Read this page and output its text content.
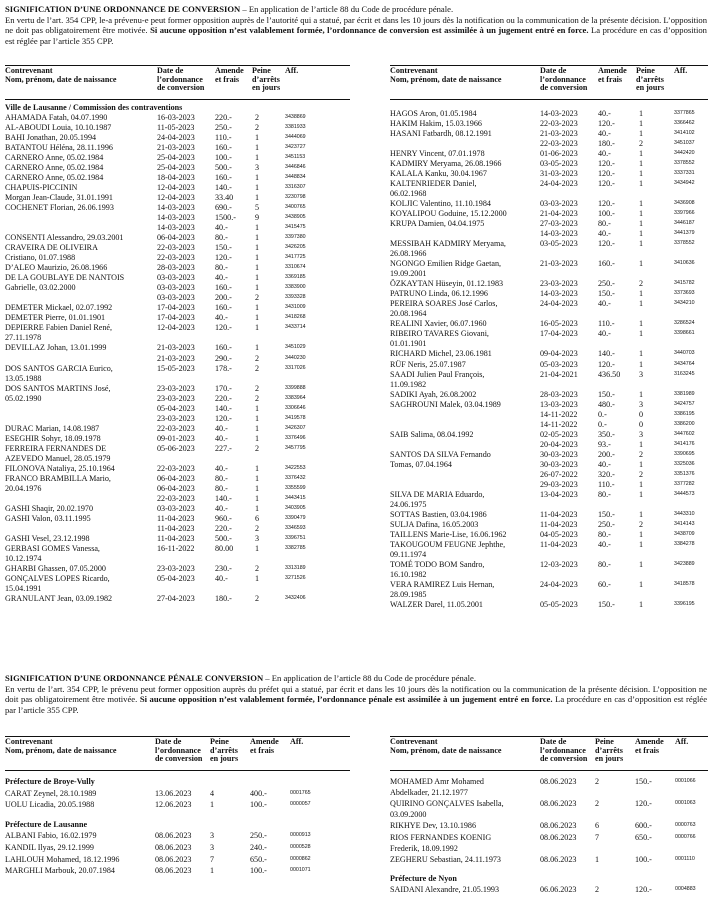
SIGNIFICATION D’UNE ORDONNANCE DE CONVERSION – En application de l’article 88 du Code de procédure pénale.
En vertu de l’art. 354 CPP, le-a prévenu-e peut former opposition auprès de l’autorité qui a statué, par écrit et dans les 10 jours dès la notification ou la communication de la présente décision. L’opposition ne doit pas obligatoirement être motivée. Si aucune opposition n’est valablement formée, l’ordonnance de conversion est assimilée à un jugement entré en force. La procédure en cas d’opposition est réglée par l’article 355 CPP.
Contrevenant
Nom, prénom, date de naissance
Date de
l’ordonnance
de conversion
Amende
et frais
Peine
d’arrêts
en jours
Aff.
Ville de Lausanne / Commission des contraventions
AHAMADA Fatah, 04.07.1990	16-03-2023 220.-	2	3438869
AL-ABOUDI Louia, 10.10.1987	11-05-2023	250.-	2	3381933
BAHI Jonathan, 20.05.1994	24-04-2023 110.-	1	3444069
BATANTOU Héléna, 28.11.1996	21-03-2023 160.-	1	3423727
CARNERO Anne, 05.02.1984	25-04-2023 100.-	1	3451153
CARNERO Anne, 05.02.1984	25-04-2023 500.-	3	3446846
CARNERO Anne, 05.02.1984	18-04-2023 160.-	1	3448834
CHAPUIS-PICCININ	12-04-2023 140.-	1	3316307
Morgan Jean-Claude, 31.01.1991	12-04-2023 33.40	1	3230798
COCHENET Florian, 26.06.1993	14-03-2023 690.-	5	3400765
14-03-2023 1500.- 9	3438905
14-03-2023 40.-	1	3415475
CONSENTI Alessandro, 29.03.2001	06-04-2023 80.-	1	3397380
CRAVEIRA DE OLIVEIRA	22-03-2023 150.-	1	3426205
Cristiano, 01.07.1988	22-03-2023 120.-	1	3417725
D’ALEO Maurizio, 26.08.1966	28-03-2023 80.-	1	3310674
DE LA GOUBLAYE DE NANTOIS	03-03-2023 40.-	1	3369185
Gabrielle, 03.02.2000	03-03-2023 160.-	1	3383900
03-03-2023 200.-	2	3393328
DEMETER Mickael, 02.07.1992	17-04-2023 160.-	1	3431009
DEMETER Pierre, 01.01.1901	17-04-2023 40.-	1	3418268
DEPIERRE Fabien Daniel René,	12-04-2023 120.-	1	3433714
27.11.1978
DEVILLAZ Johan, 13.01.1999	21-03-2023 160.-	1	3451029
21-03-2023 290.-	2	3440230
DOS SANTOS GARCIA Eurico,	15-05-2023 178.-	2	3317026
13.05.1988
DOS SANTOS MARTINS José,	23-03-2023 170.-	2	3399888
05.02.1990	23-03-2023 220.-	2	3383964
05-04-2023 140.-	1	3306646
23-03-2023 120.-	1	3419578
DURAC Marian, 14.08.1987	22-03-2023 40.-	1	3426307
ESEGHIR Sohyr, 18.09.1978	09-01-2023 40.-	1	3376496
FERREIRA FERNANDES DE	05-06-2023 227.-	2	3457795
AZEVEDO Manuel, 28.05.1979
FILONOVA Nataliya, 25.10.1964	22-03-2023 40.-	1	3422553
FRANCO BRAMBILLA Mario,	06-04-2023 80.-	1	3376432
20.04.1976	06-04-2023 80.-	1	3355599
22-03-2023 140.-	1	3443415
GASHI Shaqir, 20.02.1970	03-03-2023 40.-	1	3403905
GASHI Valon, 03.11.1995	11-04-2023	960.-	6	3390479
11-04-2023	220.-	2	3346593
GASHI Vesel, 23.12.1998	11-04-2023	500.-	3	3396751
GERBASI GOMES Vanessa,	16-11-2022	80.00	1	3382785
10.12.1974
GHARBI Ghassen, 07.05.2000	23-03-2023 230.-	2	3313189
GONÇALVES LOPES Ricardo,	05-04-2023 40.-	1	3271526
15.04.1991
GRANULANT Jean, 03.09.1982	27-04-2023 180.-	2	3432406
Contrevenant
Nom, prénom, date de naissance
Date de
l’ordonnance
de conversion
Amende
et frais
Peine
d’arrêts
en jours
Aff.
HAGOS Aron, 01.05.1984	14-03-2023 40.-	1	3377865
HAKIM Hakim, 15.03.1966	22-03-2023 120.-	1	3366462
HASANI Fatbardh, 08.12.1991	21-03-2023 40.-	1	3414102
22-03-2023 180.-	2	3451037
HENRY Vincent, 07.01.1978	01-06-2023 40.-	1	3442420
KADMIRY Meryama, 26.08.1966	03-05-2023 120.-	1	3378552
KALALA Kanku, 30.04.1967	31-03-2023 120.-	1	3337331
KALTENRIEDER Daniel,	24-04-2023 120.-	1	3434942
06.02.1968
KOLJIC Valentino, 11.10.1984	03-03-2023 120.-	1	3436908
KOYALIPOU Goduine, 15.12.2000	21-04-2023 100.-	1	3397966
KRUPA Damien, 04.04.1975	27-03-2023 80.-	1	3446187
14-03-2023 40.-	1	3441379
MESSIBAH KADMIRY Meryama,	03-05-2023 120.-	1	3378552
26.08.1966
NGONGO Emilien Ridge Gaetan,	21-03-2023 160.-	1	3410636
19.09.2001
ÖZKAYTAN Hüseyin, 01.12.1983	23-03-2023 250.-	2	3415782
PATRUNO Linda, 06.12.1996	14-03-2023 150.-	1	3373693
PEREIRA SOARES José Carlos,	24-04-2023 40.-	1	3434210
20.08.1964
REALINI Xavier, 06.07.1960	16-05-2023 110.-	1	3286524
RIBEIRO TAVARES Giovani,	17-04-2023 40.-	1	3398661
01.01.1901
RICHARD Michel, 23.06.1981	09-04-2023 140.-	1	3440703
RÜF Neris, 25.07.1987	05-03-2023 120.-	1	3434764
SAADI Julien Paul François,	21-04-2021 436.50 3	3163245
11.09.1982
SADIKI Ayah, 26.08.2002	28-03-2023 150.-	1	3381989
SAGHROUNI Malek, 03.04.1989	13-03-2023 480.-	3	3424757
14-11-2022	0.-	0	3386195
14-11-2022	0.-	0	3386200
SAIB Salima, 08.04.1992	02-05-2023 350.-	3	3447602
20-04-2023 93.-	1	3414176
SANTOS DA SILVA Fernando	30-03-2023 200.-	2	3390695
Tomas, 07.04.1964	30-03-2023 40.-	1	3325036
26-07-2022 320.-	2	3351376
29-03-2023 110.-	1	3377282
SILVA DE MARIA Eduardo,	13-04-2023 80.-	1	3444573
24.06.1975
SOTTAS Bastien, 03.04.1986	11-04-2023	150.-	1	3443310
SULJA Dafina, 16.05.2003	11-04-2023	250.-	2	3414143
TAILLENS Marie-Lise, 16.06.1962	04-05-2023 80.-	1	3438709
TAKOUGOUM FEUGNE Jephthe,	11-04-2023	40.-	1	3384278
09.11.1974
TOMÉ TODO BOM Sandro,	12-03-2023 80.-	1	3423889
16.10.1982
VERA RAMIREZ Luis Hernan,	24-04-2023 60.-	1	3418578
28.09.1985
WALZER Darel, 11.05.2001	05-05-2023 150.-	1	3396195
SIGNIFICATION D’UNE ORDONNANCE PÉNALE CONVERSION – En application de l’article 88 du Code de procédure pénale.
En vertu de l’art. 354 CPP, le prévenu peut former opposition auprès du préfet qui a statué, par écrit et dans les 10 jours dès la notification ou la communication de la présente décision. L’opposition ne doit pas obligatoirement être motivée. Si aucune opposition n’est valablement formée, l’ordonnance pénale est assimilée à un jugement entré en force. La procédure en cas d’opposition est réglée par l’article 355 CPP.
Contrevenant
Nom, prénom, date de naissance
Date de
l’ordonnance
de conversion
Peine
d’arrêts
en jours
Amende
et frais
Aff.
Préfecture de Broye-Vully
CARAT Zeynel, 28.10.1989	13.06.2023 4	400.-	0001765
UOLU Licadia, 20.05.1988	12.06.2023 1	100.-	0000057
Préfecture de Lausanne
ALBANI Fabio, 16.02.1979	08.06.2023 3	250.-	0000913
KANDIL Ilyas, 29.12.1999	08.06.2023 3	240.-	0000528
LAHLOUH Mohamed, 18.12.1996	08.06.2023 7	650.-	0000862
MARGHLI Marbouk, 20.07.1984	08.06.2023 1	100.-	0001071
Contrevenant
Nom, prénom, date de naissance
Date de
l’ordonnance
de conversion
Peine
d’arrêts
en jours
Amende
et frais
Aff.
MOHAMED Amr Mohamed	08.06.2023 2	150.-	0001066
Abdelkader, 21.12.1977
QUIRINO GONÇALVES Isabella,	08.06.2023 2	120.-	0001063
03.09.2000
RIKHYE Dev, 13.10.1986	08.06.2023 6	600.-	0000763
RIOS FERNANDES KOENIG	08.06.2023 7	650.-	0000766
Frederik, 18.09.1992
ZEGHERU Sebastian, 24.11.1973	08.06.2023 1	100.-	0001110
Préfecture de Nyon
SAIDANI Alexandre, 21.05.1993	06.06.2023 2	120.-	0004883
